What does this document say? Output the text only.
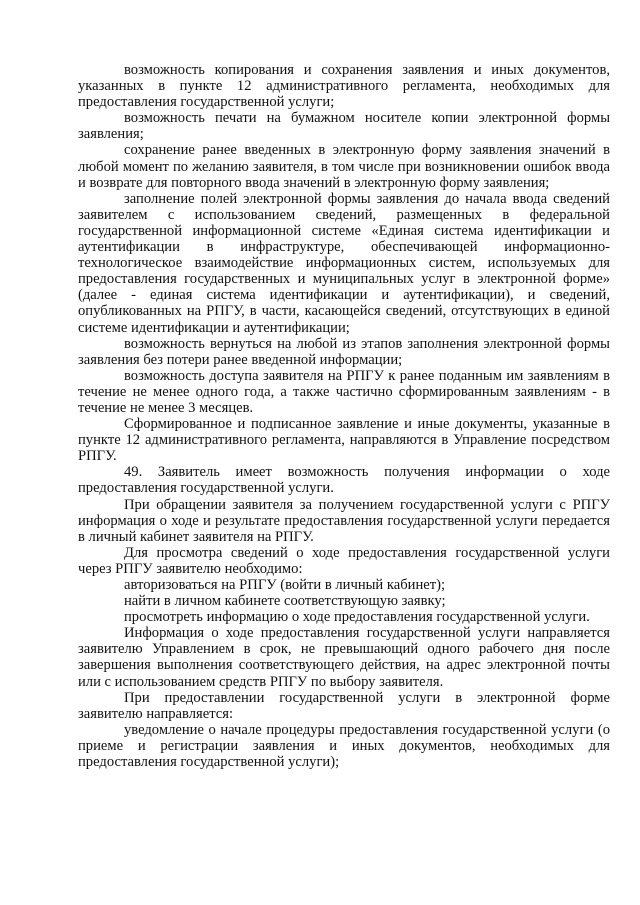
возможность копирования и сохранения заявления и иных документов, указанных в пункте 12 административного регламента, необходимых для предоставления государственной услуги;

возможность печати на бумажном носителе копии электронной формы заявления;

сохранение ранее введенных в электронную форму заявления значений в любой момент по желанию заявителя, в том числе при возникновении ошибок ввода и возврате для повторного ввода значений в электронную форму заявления;

заполнение полей электронной формы заявления до начала ввода сведений заявителем с использованием сведений, размещенных в федеральной государственной информационной системе «Единая система идентификации и аутентификации в инфраструктуре, обеспечивающей информационно-технологическое взаимодействие информационных систем, используемых для предоставления государственных и муниципальных услуг в электронной форме» (далее - единая система идентификации и аутентификации), и сведений, опубликованных на РПГУ, в части, касающейся сведений, отсутствующих в единой системе идентификации и аутентификации;

возможность вернуться на любой из этапов заполнения электронной формы заявления без потери ранее введенной информации;

возможность доступа заявителя на РПГУ к ранее поданным им заявлениям в течение не менее одного года, а также частично сформированным заявлениям - в течение не менее 3 месяцев.

Сформированное и подписанное заявление и иные документы, указанные в пункте 12 административного регламента, направляются в Управление посредством РПГУ.

49. Заявитель имеет возможность получения информации о ходе предоставления государственной услуги.

При обращении заявителя за получением государственной услуги с РПГУ информация о ходе и результате предоставления государственной услуги передается в личный кабинет заявителя на РПГУ.

Для просмотра сведений о ходе предоставления государственной услуги через РПГУ заявителю необходимо:

авторизоваться на РПГУ (войти в личный кабинет);

найти в личном кабинете соответствующую заявку;

просмотреть информацию о ходе предоставления государственной услуги.

Информация о ходе предоставления государственной услуги направляется заявителю Управлением в срок, не превышающий одного рабочего дня после завершения выполнения соответствующего действия, на адрес электронной почты или с использованием средств РПГУ по выбору заявителя.

При предоставлении государственной услуги в электронной форме заявителю направляется:

уведомление о начале процедуры предоставления государственной услуги (о приеме и регистрации заявления и иных документов, необходимых для предоставления государственной услуги);
